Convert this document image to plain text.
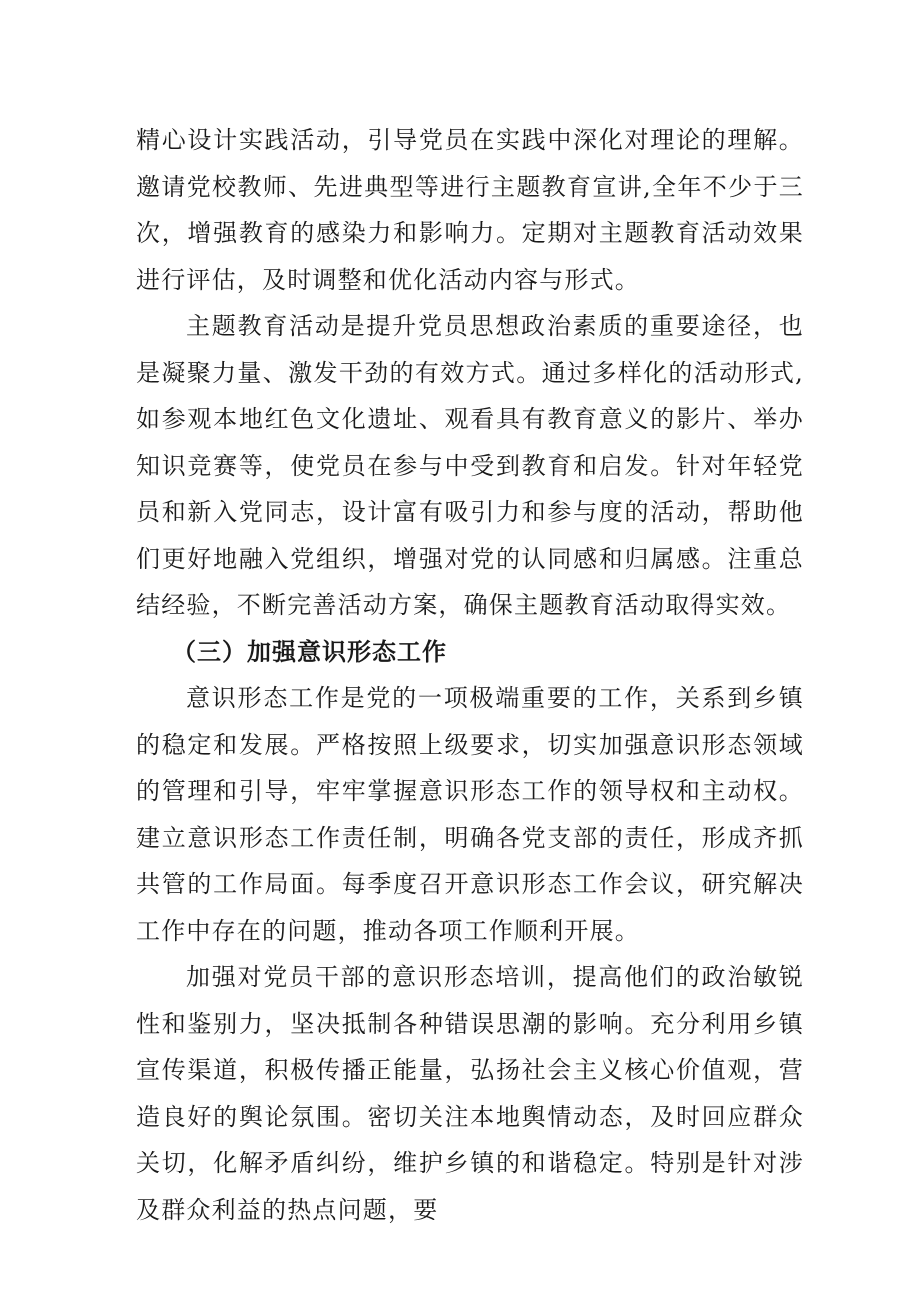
精心设计实践活动，引导党员在实践中深化对理论的理解。邀请党校教师、先进典型等进行主题教育宣讲,全年不少于三次，增强教育的感染力和影响力。定期对主题教育活动效果进行评估，及时调整和优化活动内容与形式。

主题教育活动是提升党员思想政治素质的重要途径，也是凝聚力量、激发干劲的有效方式。通过多样化的活动形式,如参观本地红色文化遗址、观看具有教育意义的影片、举办知识竞赛等，使党员在参与中受到教育和启发。针对年轻党员和新入党同志，设计富有吸引力和参与度的活动，帮助他们更好地融入党组织，增强对党的认同感和归属感。注重总结经验，不断完善活动方案，确保主题教育活动取得实效。

（三）加强意识形态工作

意识形态工作是党的一项极端重要的工作，关系到乡镇的稳定和发展。严格按照上级要求，切实加强意识形态领域的管理和引导，牢牢掌握意识形态工作的领导权和主动权。建立意识形态工作责任制，明确各党支部的责任，形成齐抓共管的工作局面。每季度召开意识形态工作会议，研究解决工作中存在的问题，推动各项工作顺利开展。

加强对党员干部的意识形态培训，提高他们的政治敏锐性和鉴别力，坚决抵制各种错误思潮的影响。充分利用乡镇宣传渠道，积极传播正能量，弘扬社会主义核心价值观，营造良好的舆论氛围。密切关注本地舆情动态，及时回应群众关切，化解矛盾纠纷，维护乡镇的和谐稳定。特别是针对涉及群众利益的热点问题，要
